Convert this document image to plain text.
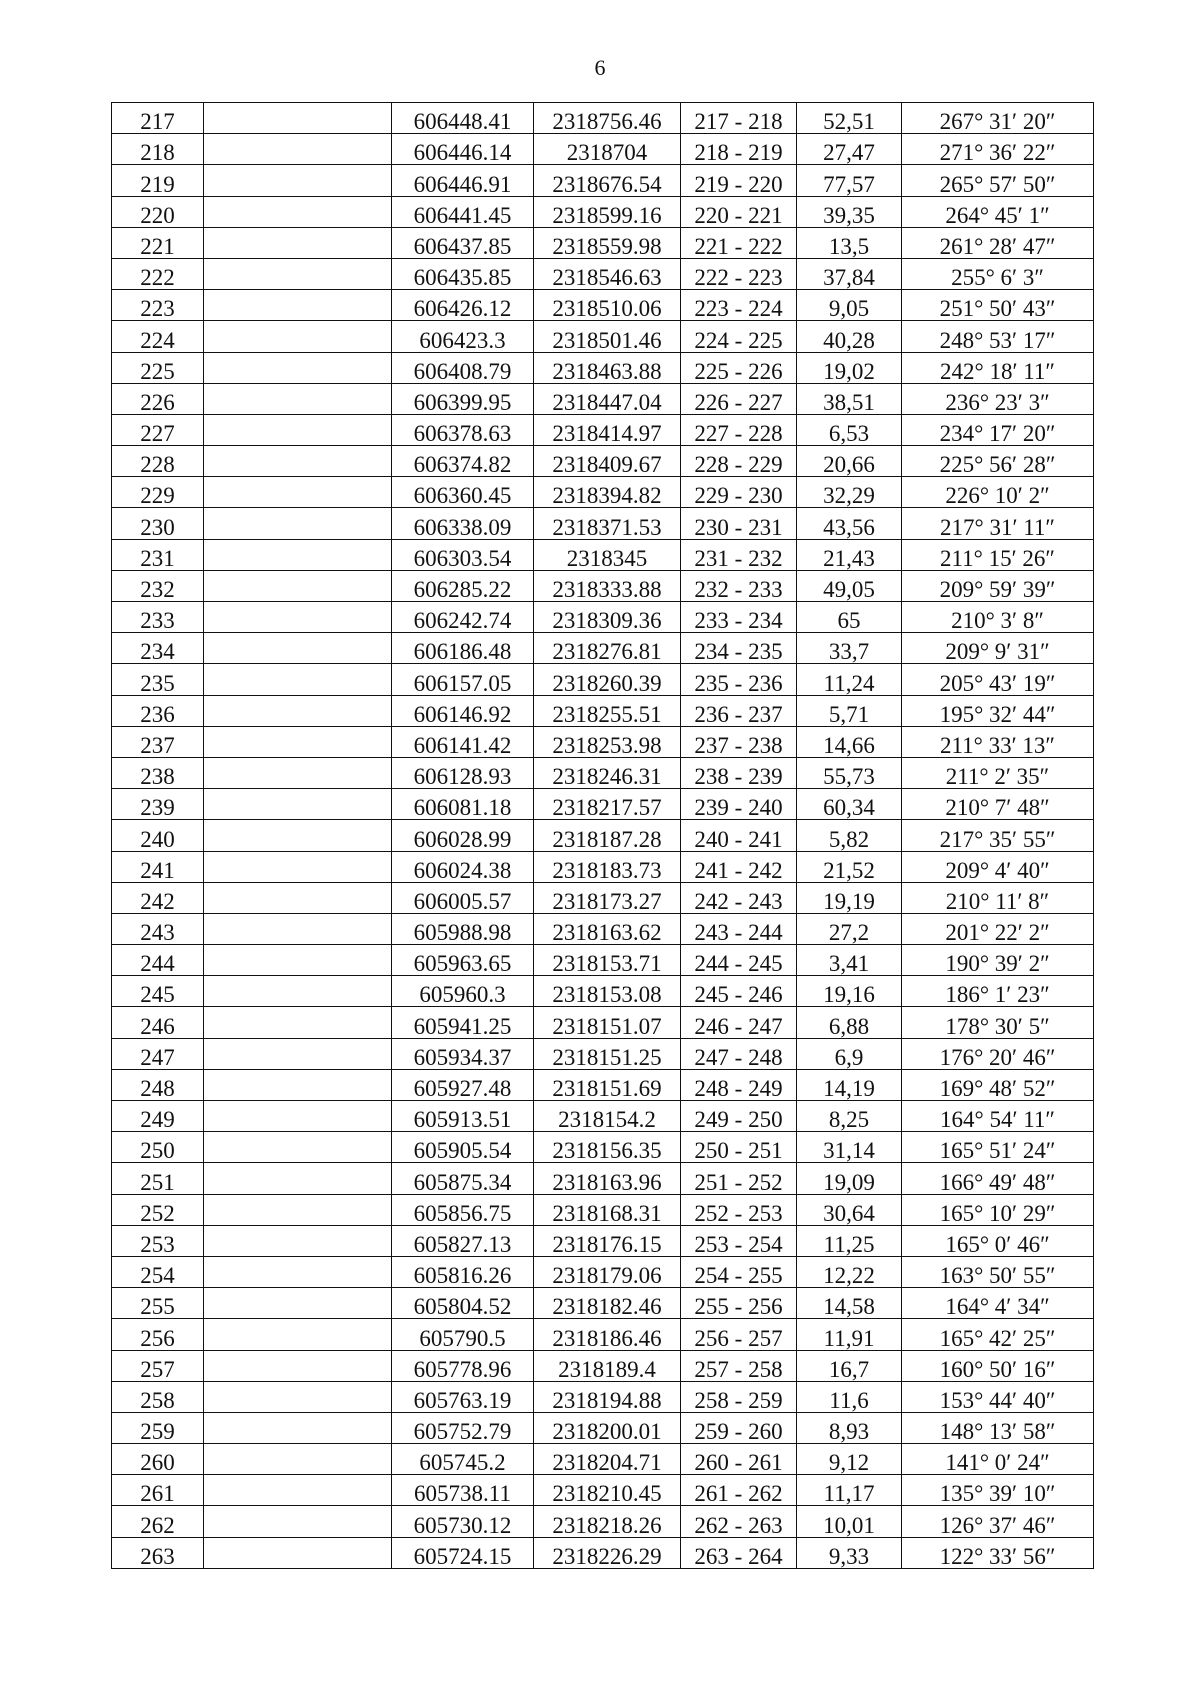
6
217		606448.41	2318756.46	217 - 218	52,51	267° 31′ 20″
218		606446.14	2318704	218 - 219	27,47	271° 36′ 22″
219		606446.91	2318676.54	219 - 220	77,57	265° 57′ 50″
220		606441.45	2318599.16	220 - 221	39,35	264° 45′ 1″
221		606437.85	2318559.98	221 - 222	13,5	261° 28′ 47″
222		606435.85	2318546.63	222 - 223	37,84	255° 6′ 3″
223		606426.12	2318510.06	223 - 224	9,05	251° 50′ 43″
224		606423.3	2318501.46	224 - 225	40,28	248° 53′ 17″
225		606408.79	2318463.88	225 - 226	19,02	242° 18′ 11″
226		606399.95	2318447.04	226 - 227	38,51	236° 23′ 3″
227		606378.63	2318414.97	227 - 228	6,53	234° 17′ 20″
228		606374.82	2318409.67	228 - 229	20,66	225° 56′ 28″
229		606360.45	2318394.82	229 - 230	32,29	226° 10′ 2″
230		606338.09	2318371.53	230 - 231	43,56	217° 31′ 11″
231		606303.54	2318345	231 - 232	21,43	211° 15′ 26″
232		606285.22	2318333.88	232 - 233	49,05	209° 59′ 39″
233		606242.74	2318309.36	233 - 234	65	210° 3′ 8″
234		606186.48	2318276.81	234 - 235	33,7	209° 9′ 31″
235		606157.05	2318260.39	235 - 236	11,24	205° 43′ 19″
236		606146.92	2318255.51	236 - 237	5,71	195° 32′ 44″
237		606141.42	2318253.98	237 - 238	14,66	211° 33′ 13″
238		606128.93	2318246.31	238 - 239	55,73	211° 2′ 35″
239		606081.18	2318217.57	239 - 240	60,34	210° 7′ 48″
240		606028.99	2318187.28	240 - 241	5,82	217° 35′ 55″
241		606024.38	2318183.73	241 - 242	21,52	209° 4′ 40″
242		606005.57	2318173.27	242 - 243	19,19	210° 11′ 8″
243		605988.98	2318163.62	243 - 244	27,2	201° 22′ 2″
244		605963.65	2318153.71	244 - 245	3,41	190° 39′ 2″
245		605960.3	2318153.08	245 - 246	19,16	186° 1′ 23″
246		605941.25	2318151.07	246 - 247	6,88	178° 30′ 5″
247		605934.37	2318151.25	247 - 248	6,9	176° 20′ 46″
248		605927.48	2318151.69	248 - 249	14,19	169° 48′ 52″
249		605913.51	2318154.2	249 - 250	8,25	164° 54′ 11″
250		605905.54	2318156.35	250 - 251	31,14	165° 51′ 24″
251		605875.34	2318163.96	251 - 252	19,09	166° 49′ 48″
252		605856.75	2318168.31	252 - 253	30,64	165° 10′ 29″
253		605827.13	2318176.15	253 - 254	11,25	165° 0′ 46″
254		605816.26	2318179.06	254 - 255	12,22	163° 50′ 55″
255		605804.52	2318182.46	255 - 256	14,58	164° 4′ 34″
256		605790.5	2318186.46	256 - 257	11,91	165° 42′ 25″
257		605778.96	2318189.4	257 - 258	16,7	160° 50′ 16″
258		605763.19	2318194.88	258 - 259	11,6	153° 44′ 40″
259		605752.79	2318200.01	259 - 260	8,93	148° 13′ 58″
260		605745.2	2318204.71	260 - 261	9,12	141° 0′ 24″
261		605738.11	2318210.45	261 - 262	11,17	135° 39′ 10″
262		605730.12	2318218.26	262 - 263	10,01	126° 37′ 46″
263		605724.15	2318226.29	263 - 264	9,33	122° 33′ 56″
